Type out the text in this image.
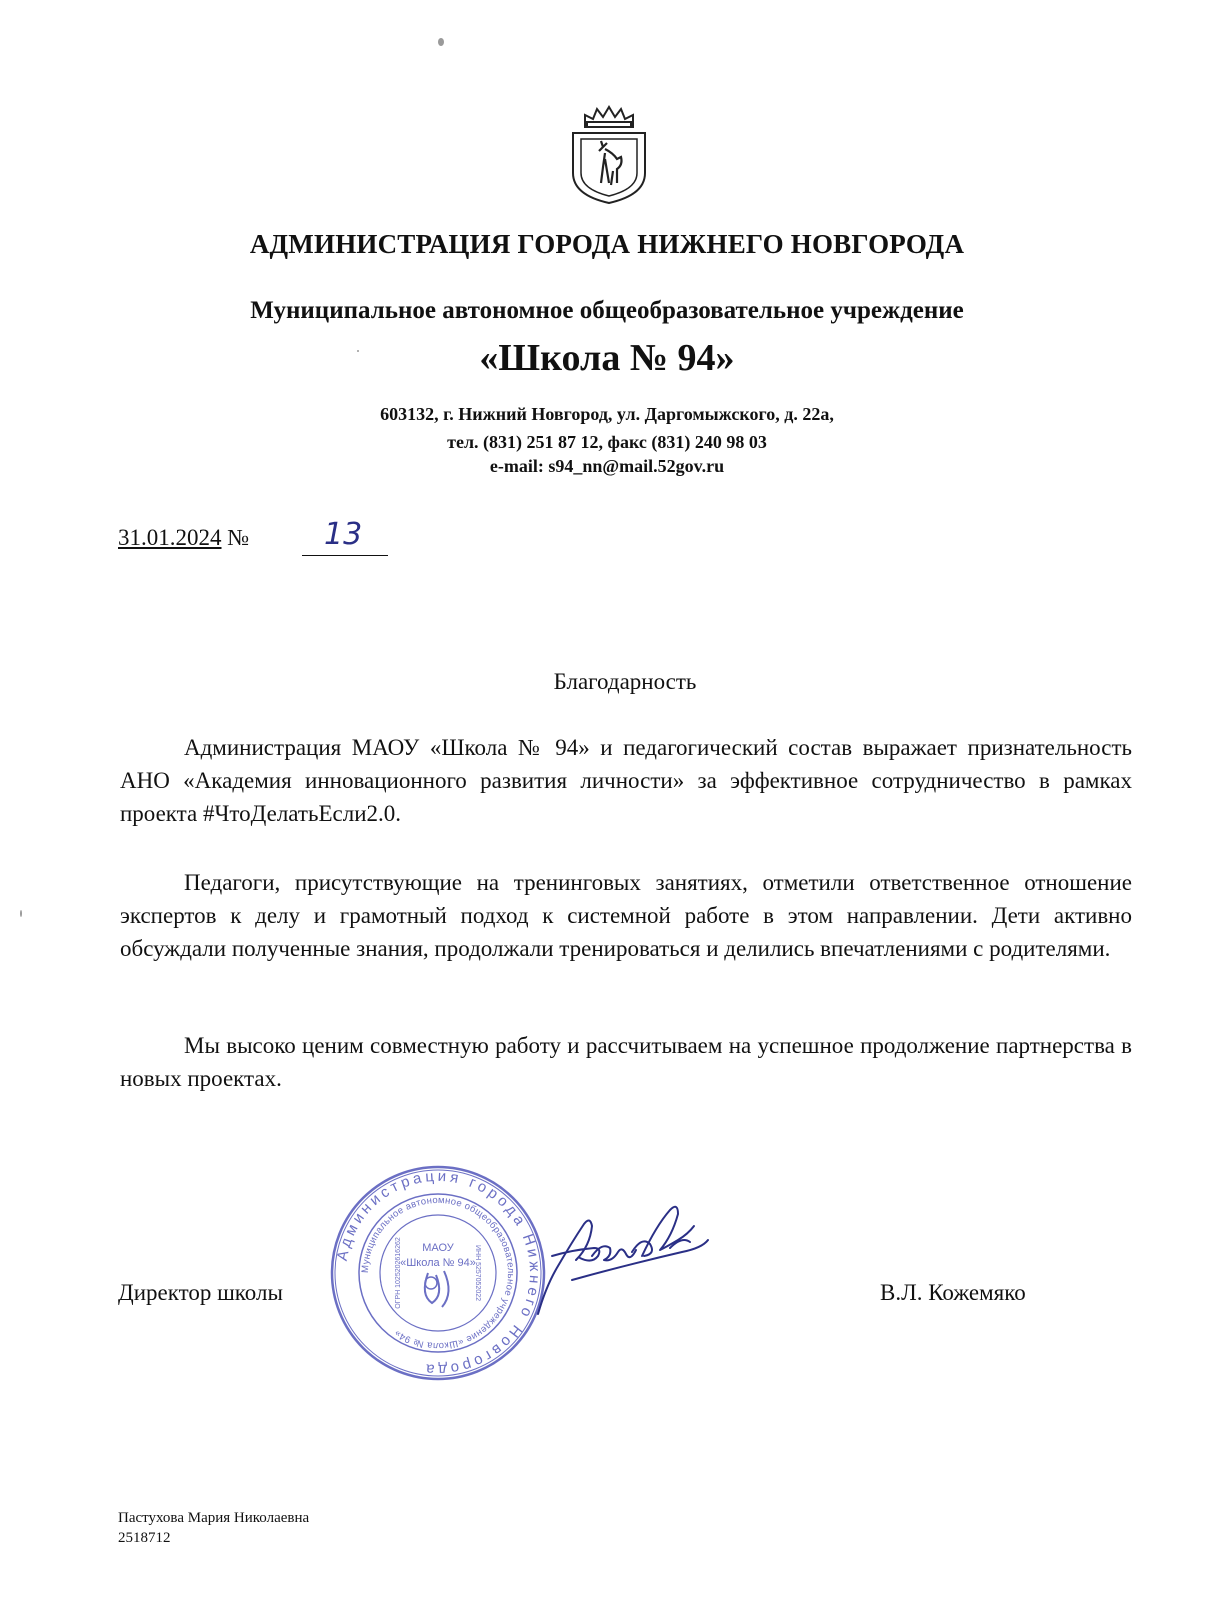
АДМИНИСТРАЦИЯ ГОРОДА НИЖНЕГО НОВГОРОДА
Муниципальное автономное общеобразовательное учреждение
«Школа № 94»
603132, г. Нижний Новгород, ул. Даргомыжского, д. 22а,
тел. (831) 251 87 12, факс (831) 240 98 03
e-mail: s94_nn@mail.52gov.ru
31.01.2024 № 13
Благодарность

Администрация МАОУ «Школа № 94» и педагогический состав выражает признательность АНО «Академия инновационного развития личности» за эффективное сотрудничество в рамках проекта #ЧтоДелатьЕсли2.0.

Педагоги, присутствующие на тренинговых занятиях, отметили ответственное отношение экспертов к делу и грамотный подход к системной работе в этом направлении. Дети активно обсуждали полученные знания, продолжали тренироваться и делились впечатлениями с родителями.

Мы высоко ценим совместную работу и рассчитываем на успешное продолжение партнерства в новых проектах.

Администрация города Нижнего Новгорода
Муниципальное автономное общеобразовательное учреждение «Школа № 94»
МАОУ
«Школа № 94»
ОГРН 1025202616262	ИНН 5257052022
Директор школы	В.Л. Кожемяко
Пастухова Мария Николаевна
2518712
